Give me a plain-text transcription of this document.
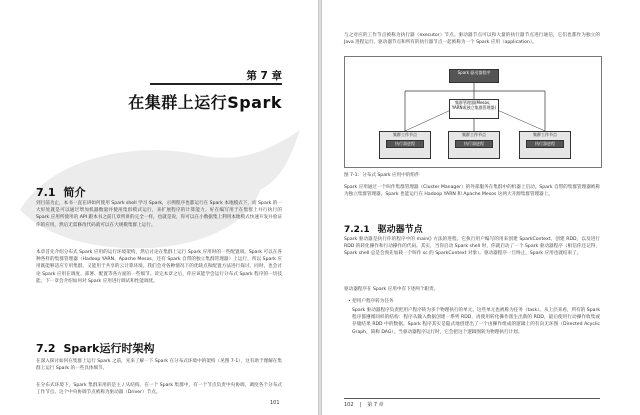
第 7 章
在集群上运行Spark
7.1 简介
到目前为止，本书一直在讲如何使用 Spark shell 学习 Spark，示例程序也都运行在 Spark 本地模式下，而 Spark 的一大好处就是可以通过增加机器数量并使用集群模式运行，来扩展程序的计算能力。好在编写用于在集群上并行执行的 Spark 应用所使用的 API 跟本书之前几章所讲的完全一样，也就是说，你可以在小数据集上利用本地模式快速开发并验证你的应用，然后无需修改代码就可以在大规模集群上运行。
本章首先介绍分布式 Spark 应用的运行环境架构，然后讨论在集群上运行 Spark 应用时的一些配置项。Spark 可以在各种各样的集群管理器（Hadoop YARN、Apache Mesos，还有 Spark 自带的独立集群管理器）上运行，所以 Spark 应用既能够适应专用集群，又能用于共享的云计算环境。我们会对各种情况下的优缺点和配置方法进行探讨。同时，也会讨论 Spark 应用在调度、部署、配置等各方面的一些细节。读完本章之后，你应该能学会运行分布式 Spark 程序的一切技能。下一章会介绍如何对 Spark 应用进行调试和性能调优。
7.2 Spark运行时架构
在深入探讨如何在集群上运行 Spark 之前，先来了解一下 Spark 在分布式环境中的架构（见图 7-1），这有助于理解在集群上运行 Spark 的一些具体细节。
在分布式环境下，Spark 集群采用的是主 / 从结构。在一个 Spark 集群中，有一个节点负责中央协调，调度各个分布式工作节点。这个中央协调节点被称为驱动器（Driver）节点。
101
与之对应的工作节点被称为执行器（executor）节点。驱动器节点可以和大量的执行器节点进行通信，它们也都作为独立的 Java 进程运行。驱动器节点和所有的执行器节点一起被称为一个 Spark 应用（application）。
Spark 驱动器程序
集群管理器(Mesos、YARN或独立集群管理器)
集群工作节点
执行器进程
集群工作节点
执行器进程
集群工作节点
执行器进程
图 7-1：分布式 Spark 应用中的组件
Spark 应用通过一个叫作集群管理器（Cluster Manager）的外部服务在集群中的机器上启动。Spark 自带的集群管理器被称为独立集群管理器。Spark 也能运行在 Hadoop YARN 和 Apache Mesos 这两大开源集群管理器上。
7.2.1 驱动器节点
Spark 驱动器是执行你的程序中的 main() 方法的进程。它执行用户编写的用来创建 SparkContext、创建 RDD，以及进行 RDD 的转化操作和行动操作的代码。其实，当你启动 Spark shell 时，你就启动了一个 Spark 驱动器程序（相信你还记得，Spark shell 总是会预先加载一个叫作 sc 的 SparkContext 对象）。驱动器程序一旦终止，Spark 应用也就结束了。
驱动器程序在 Spark 应用中有下述两个职责。
• 把用户程序转为任务
Spark 驱动器程序负责把用户程序转为多个物理执行的单元，这些单元也被称为任务（task）。从上层来看，所有的 Spark 程序都遵循同样的结构：程序从输入数据创建一系列 RDD，再使用转化操作派生出新的 RDD，最后使用行动操作收集或存储结果 RDD 中的数据。Spark 程序其实是隐式地创建出了一个由操作组成的逻辑上的有向无环图（Directed Acyclic Graph，简称 DAG）。当驱动器程序运行时，它会把这个逻辑图转为物理执行计划。
102 | 第 7 章
